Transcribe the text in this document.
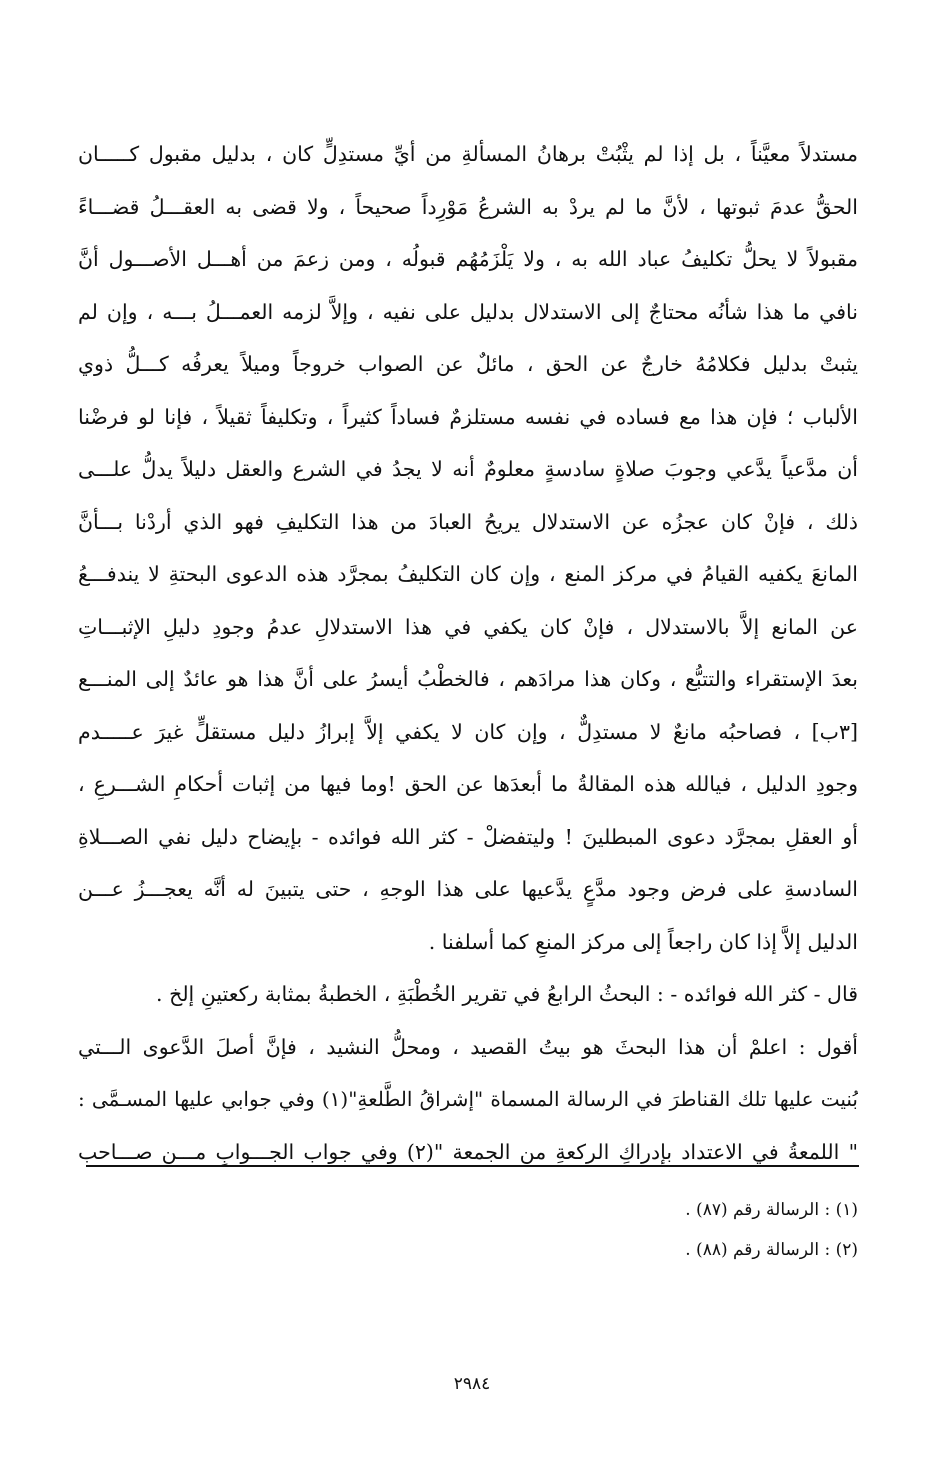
مستدلاً معيَّناً ، بل إذا لم يثْبُتْ برهانُ المسألةِ من أيِّ مستدِلٍّ كان ، بدليل مقبول كـــــان
الحقُّ عدمَ ثبوتها ، لأنَّ ما لم يردْ به الشرعُ مَوْرِداً صحيحاً ، ولا قضى به العقـــلُ قضـــاءً
مقبولاً لا يحلُّ تكليفُ عباد الله به ، ولا يَلْزَمُهُم قبولُه ، ومن زعمَ من أهـــل الأصـــول أنَّ
نافي ما هذا شأنُه محتاجٌ إلى الاستدلال بدليل على نفيه ، وإلاَّ لزمه العمـــلُ بـــه ، وإن لم
يثبتْ بدليل فكلامُهُ خارجٌ عن الحق ، مائلٌ عن الصواب خروجاً وميلاً يعرفُه كـــلُّ ذوي
الألباب ؛ فإن هذا مع فساده في نفسه مستلزمٌ فساداً كثيراً ، وتكليفاً ثقيلاً ، فإنا لو فرضْنا
أن مدَّعياً يدَّعي وجوبَ صلاةٍ سادسةٍ معلومٌ أنه لا يجدُ في الشرع والعقل دليلاً يدلُّ علـــى
ذلك ، فإنْ كان عجزُه عن الاستدلال يريحُ العبادَ من هذا التكليفِ فهو الذي أردْنا بـــأنَّ
المانعَ يكفيه القيامُ في مركز المنع ، وإن كان التكليفُ بمجرَّد هذه الدعوى البحتةِ لا يندفـــعُ
عن المانع إلاَّ بالاستدلال ، فإنْ كان يكفي في هذا الاستدلالِ عدمُ وجودِ دليلِ الإثبـــاتِ
بعدَ الإستقراء والتتبُّع ، وكان هذا مرادَهم ، فالخطْبُ أيسرُ على أنَّ هذا هو عائدٌ إلى المنـــع
[٣ب] ، فصاحبُه مانعٌ لا مستدِلٌّ ، وإن كان لا يكفي إلاَّ إبرازُ دليل مستقلٍّ غيرَ عـــــدم
وجودِ الدليل ، فيالله هذه المقالةُ ما أبعدَها عن الحق !وما فيها من إثبات أحكامِ الشـــرعِ ،
أو العقلِ بمجرَّد دعوى المبطلينَ ! وليتفضلْ - كثر الله فوائده - بإيضاح دليل نفي الصـــلاةِ
السادسةِ على فرض وجود مدَّعٍ يدَّعيها على هذا الوجهِ ، حتى يتبينَ له أنَّه يعجـــزُ عـــن
الدليل إلاَّ إذا كان راجعاً إلى مركز المنعِ كما أسلفنا .
قال - كثر الله فوائده - : البحثُ الرابعُ في تقرير الخُطْبَةِ ، الخطبةُ بمثابة ركعتينِ إلخ .
أقول : اعلمْ أن هذا البحثَ هو بيتُ القصيد ، ومحلُّ النشيد ، فإنَّ أصلَ الدَّعوى الـــتي
بُنيت عليها تلك القناطرَ في الرسالة المسماة "إشراقُ الطَّلعةِ"(١) وفي جوابي عليها المسـمَّى :
" اللمعةُ في الاعتداد بإدراكِ الركعةِ من الجمعة "(٢) وفي جواب الجـــوابِ مـــن صـــاحب
(١) : الرسالة رقم (٨٧) .
(٢) : الرسالة رقم (٨٨) .
٢٩٨٤
